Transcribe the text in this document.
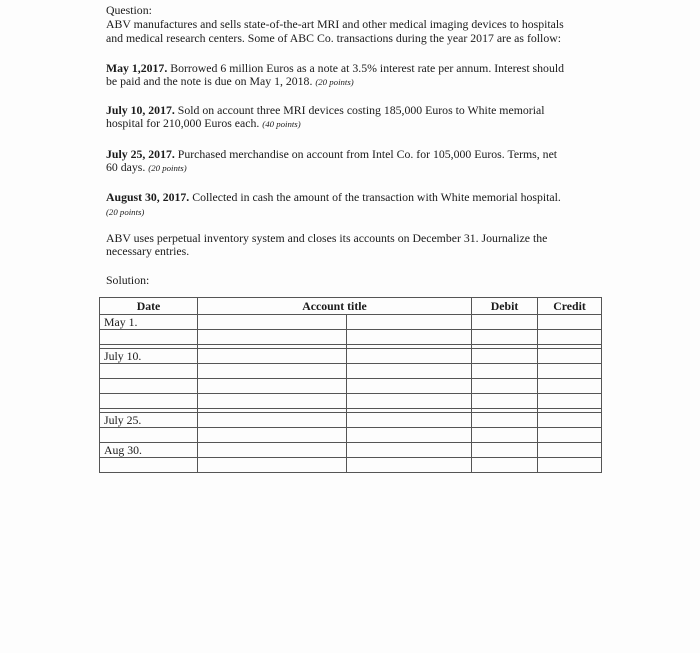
Question:
ABV manufactures and sells state-of-the-art MRI and other medical imaging devices to hospitals
and medical research centers. Some of ABC Co. transactions during the year 2017 are as follow:
May 1,2017. Borrowed 6 million Euros as a note at 3.5% interest rate per annum. Interest should
be paid and the note is due on May 1, 2018. (20 points)
July 10, 2017. Sold on account three MRI devices costing 185,000 Euros to White memorial
hospital for 210,000 Euros each. (40 points)
July 25, 2017. Purchased merchandise on account from Intel Co. for 105,000 Euros. Terms, net
60 days. (20 points)
August 30, 2017. Collected in cash the amount of the transaction with White memorial hospital.
(20 points)
ABV uses perpetual inventory system and closes its accounts on December 31. Journalize the
necessary entries.
Solution:
Date	Account title		Debit	Credit
May 1.				

July 10.				

July 25.				

Aug 30.				
